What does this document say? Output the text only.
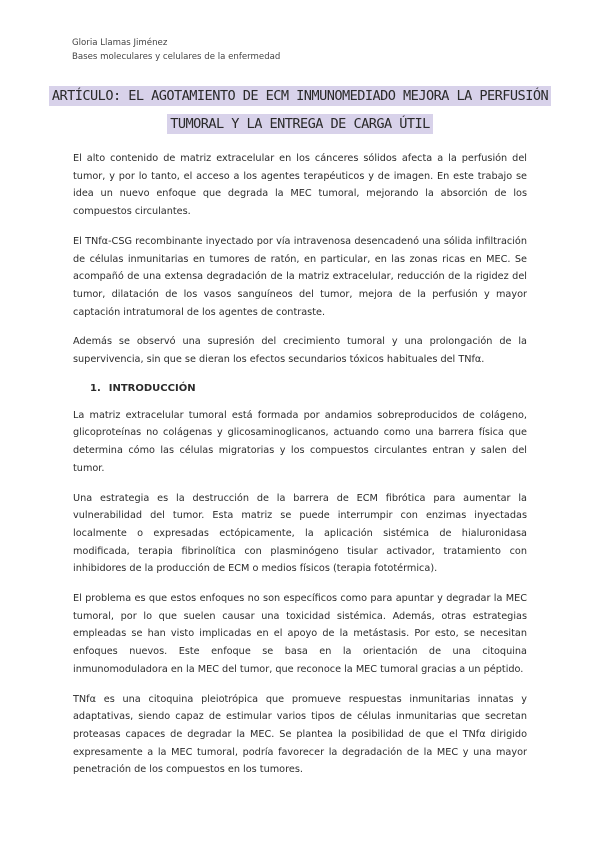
Gloria Llamas Jiménez
Bases moleculares y celulares de la enfermedad
ARTÍCULO: EL AGOTAMIENTO DE ECM INMUNOMEDIADO MEJORA LA PERFUSIÓN
TUMORAL Y LA ENTREGA DE CARGA ÚTIL

El alto contenido de matriz extracelular en los cánceres sólidos afecta a la perfusión del tumor, y por lo tanto, el acceso a los agentes terapéuticos y de imagen. En este trabajo se idea un nuevo enfoque que degrada la MEC tumoral, mejorando la absorción de los compuestos circulantes.

El TNfα-CSG recombinante inyectado por vía intravenosa desencadenó una sólida infiltración de células inmunitarias en tumores de ratón, en particular, en las zonas ricas en MEC. Se acompañó de una extensa degradación de la matriz extracelular, reducción de la rigidez del tumor, dilatación de los vasos sanguíneos del tumor, mejora de la perfusión y mayor captación intratumoral de los agentes de contraste.

Además se observó una supresión del crecimiento tumoral y una prolongación de la supervivencia, sin que se dieran los efectos secundarios tóxicos habituales del TNfα.

1. INTRODUCCIÓN

La matriz extracelular tumoral está formada por andamios sobreproducidos de colágeno, glicoproteínas no colágenas y glicosaminoglicanos, actuando como una barrera física que determina cómo las células migratorias y los compuestos circulantes entran y salen del tumor.

Una estrategia es la destrucción de la barrera de ECM fibrótica para aumentar la vulnerabilidad del tumor. Esta matriz se puede interrumpir con enzimas inyectadas localmente o expresadas ectópicamente, la aplicación sistémica de hialuronidasa modificada, terapia fibrinolítica con plasminógeno tisular activador, tratamiento con inhibidores de la producción de ECM o medios físicos (terapia fototérmica).

El problema es que estos enfoques no son específicos como para apuntar y degradar la MEC tumoral, por lo que suelen causar una toxicidad sistémica. Además, otras estrategias empleadas se han visto implicadas en el apoyo de la metástasis. Por esto, se necesitan enfoques nuevos. Este enfoque se basa en la orientación de una citoquina inmunomoduladora en la MEC del tumor, que reconoce la MEC tumoral gracias a un péptido.

TNfα es una citoquina pleiotrópica que promueve respuestas inmunitarias innatas y adaptativas, siendo capaz de estimular varios tipos de células inmunitarias que secretan proteasas capaces de degradar la MEC. Se plantea la posibilidad de que el TNfα dirigido expresamente a la MEC tumoral, podría favorecer la degradación de la MEC y una mayor penetración de los compuestos en los tumores.
